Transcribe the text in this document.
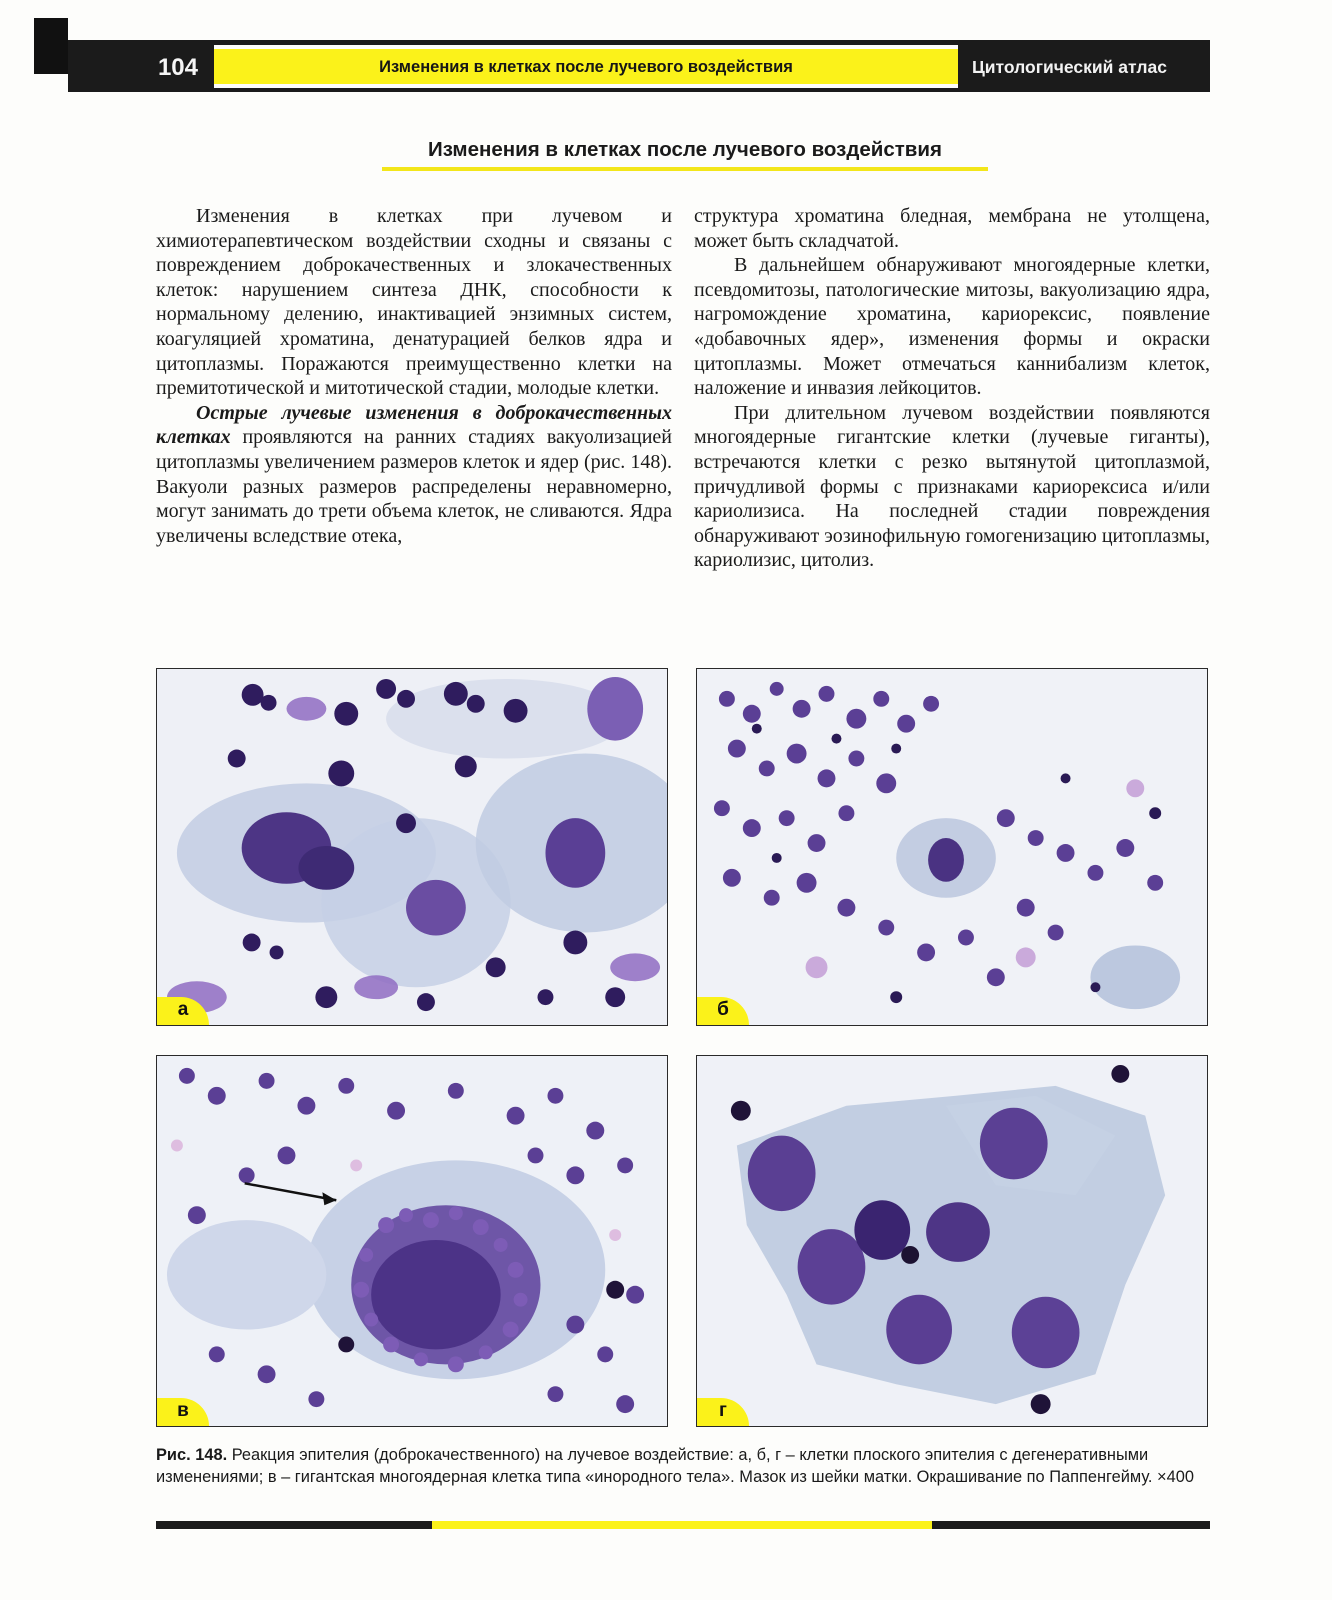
104	Изменения в клетках после лучевого воздействия	Цитологический атлас
Изменения в клетках после лучевого воздействия

Изменения в клетках при лучевом и химиотерапевтическом воздействии сходны и связаны с повреждением доброкачественных и злокачественных клеток: нарушением синтеза ДНК, способности к нормальному делению, инактивацией энзимных систем, коагуляцией хроматина, денатурацией белков ядра и цитоплазмы. Поражаются преимущественно клетки на премитотической и митотической стадии, молодые клетки.

Острые лучевые изменения в доброкачественных клетках проявляются на ранних стадиях вакуолизацией цитоплазмы увеличением размеров клеток и ядер (рис. 148). Вакуоли разных размеров распределены неравномерно, могут занимать до трети объема клеток, не сливаются. Ядра увеличены вследствие отека,

структура хроматина бледная, мембрана не утолщена, может быть складчатой.

В дальнейшем обнаруживают многоядерные клетки, псевдомитозы, патологические митозы, вакуолизацию ядра, нагромождение хроматина, кариорексис, появление «добавочных ядер», изменения формы и окраски цитоплазмы. Может отмечаться каннибализм клеток, наложение и инвазия лейкоцитов.

При длительном лучевом воздействии появляются многоядерные гигантские клетки (лучевые гиганты), встречаются клетки с резко вытянутой цитоплазмой, причудливой формы с признаками кариорексиса и/или кариолизиса. На последней стадии повреждения обнаруживают эозинофильную гомогенизацию цитоплазмы, кариолизис, цитолиз.

а	б
в	г
Рис. 148. Реакция эпителия (доброкачественного) на лучевое воздействие: а, б, г – клетки плоского эпителия с дегенеративными изменениями; в – гигантская многоядерная клетка типа «инородного тела». Мазок из шейки матки. Окрашивание по Паппенгейму. ×400
